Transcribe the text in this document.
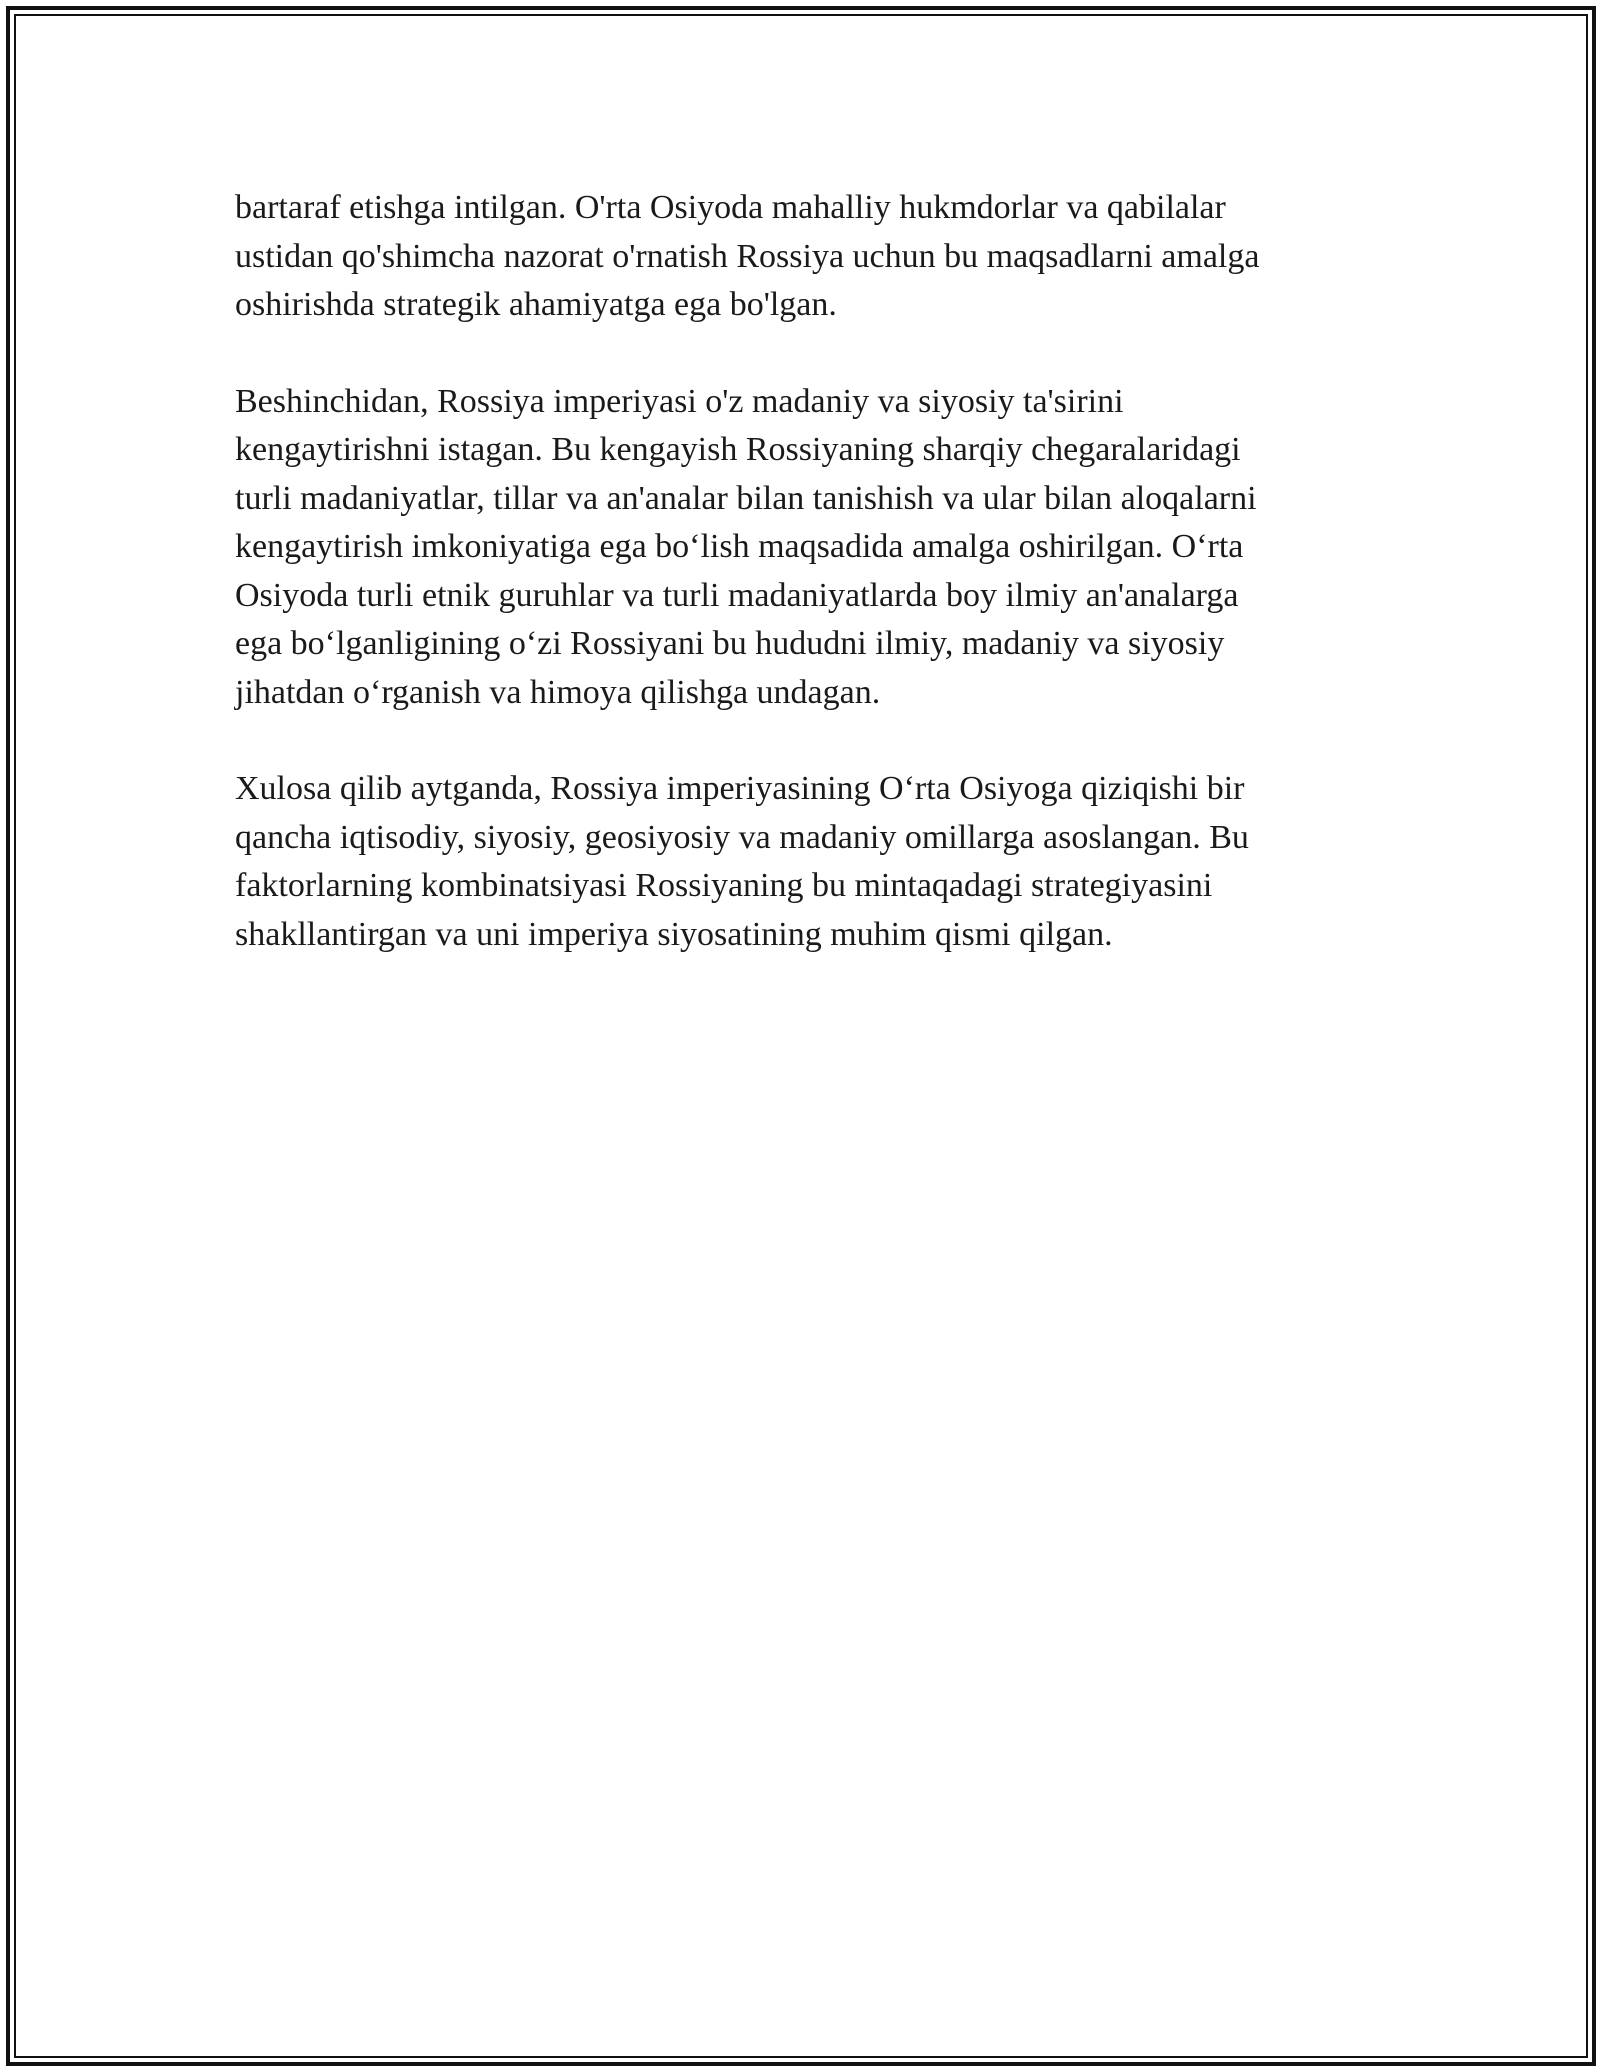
bartaraf etishga intilgan. O'rta Osiyoda mahalliy hukmdorlar va qabilalar
ustidan qo'shimcha nazorat o'rnatish Rossiya uchun bu maqsadlarni amalga
oshirishda strategik ahamiyatga ega bo'lgan.

Beshinchidan, Rossiya imperiyasi o'z madaniy va siyosiy ta'sirini
kengaytirishni istagan. Bu kengayish Rossiyaning sharqiy chegaralaridagi
turli madaniyatlar, tillar va an'analar bilan tanishish va ular bilan aloqalarni
kengaytirish imkoniyatiga ega bo‘lish maqsadida amalga oshirilgan. O‘rta
Osiyoda turli etnik guruhlar va turli madaniyatlarda boy ilmiy an'analarga
ega bo‘lganligining o‘zi Rossiyani bu hududni ilmiy, madaniy va siyosiy
jihatdan o‘rganish va himoya qilishga undagan.

Xulosa qilib aytganda, Rossiya imperiyasining O‘rta Osiyoga qiziqishi bir
qancha iqtisodiy, siyosiy, geosiyosiy va madaniy omillarga asoslangan. Bu
faktorlarning kombinatsiyasi Rossiyaning bu mintaqadagi strategiyasini
shakllantirgan va uni imperiya siyosatining muhim qismi qilgan.
